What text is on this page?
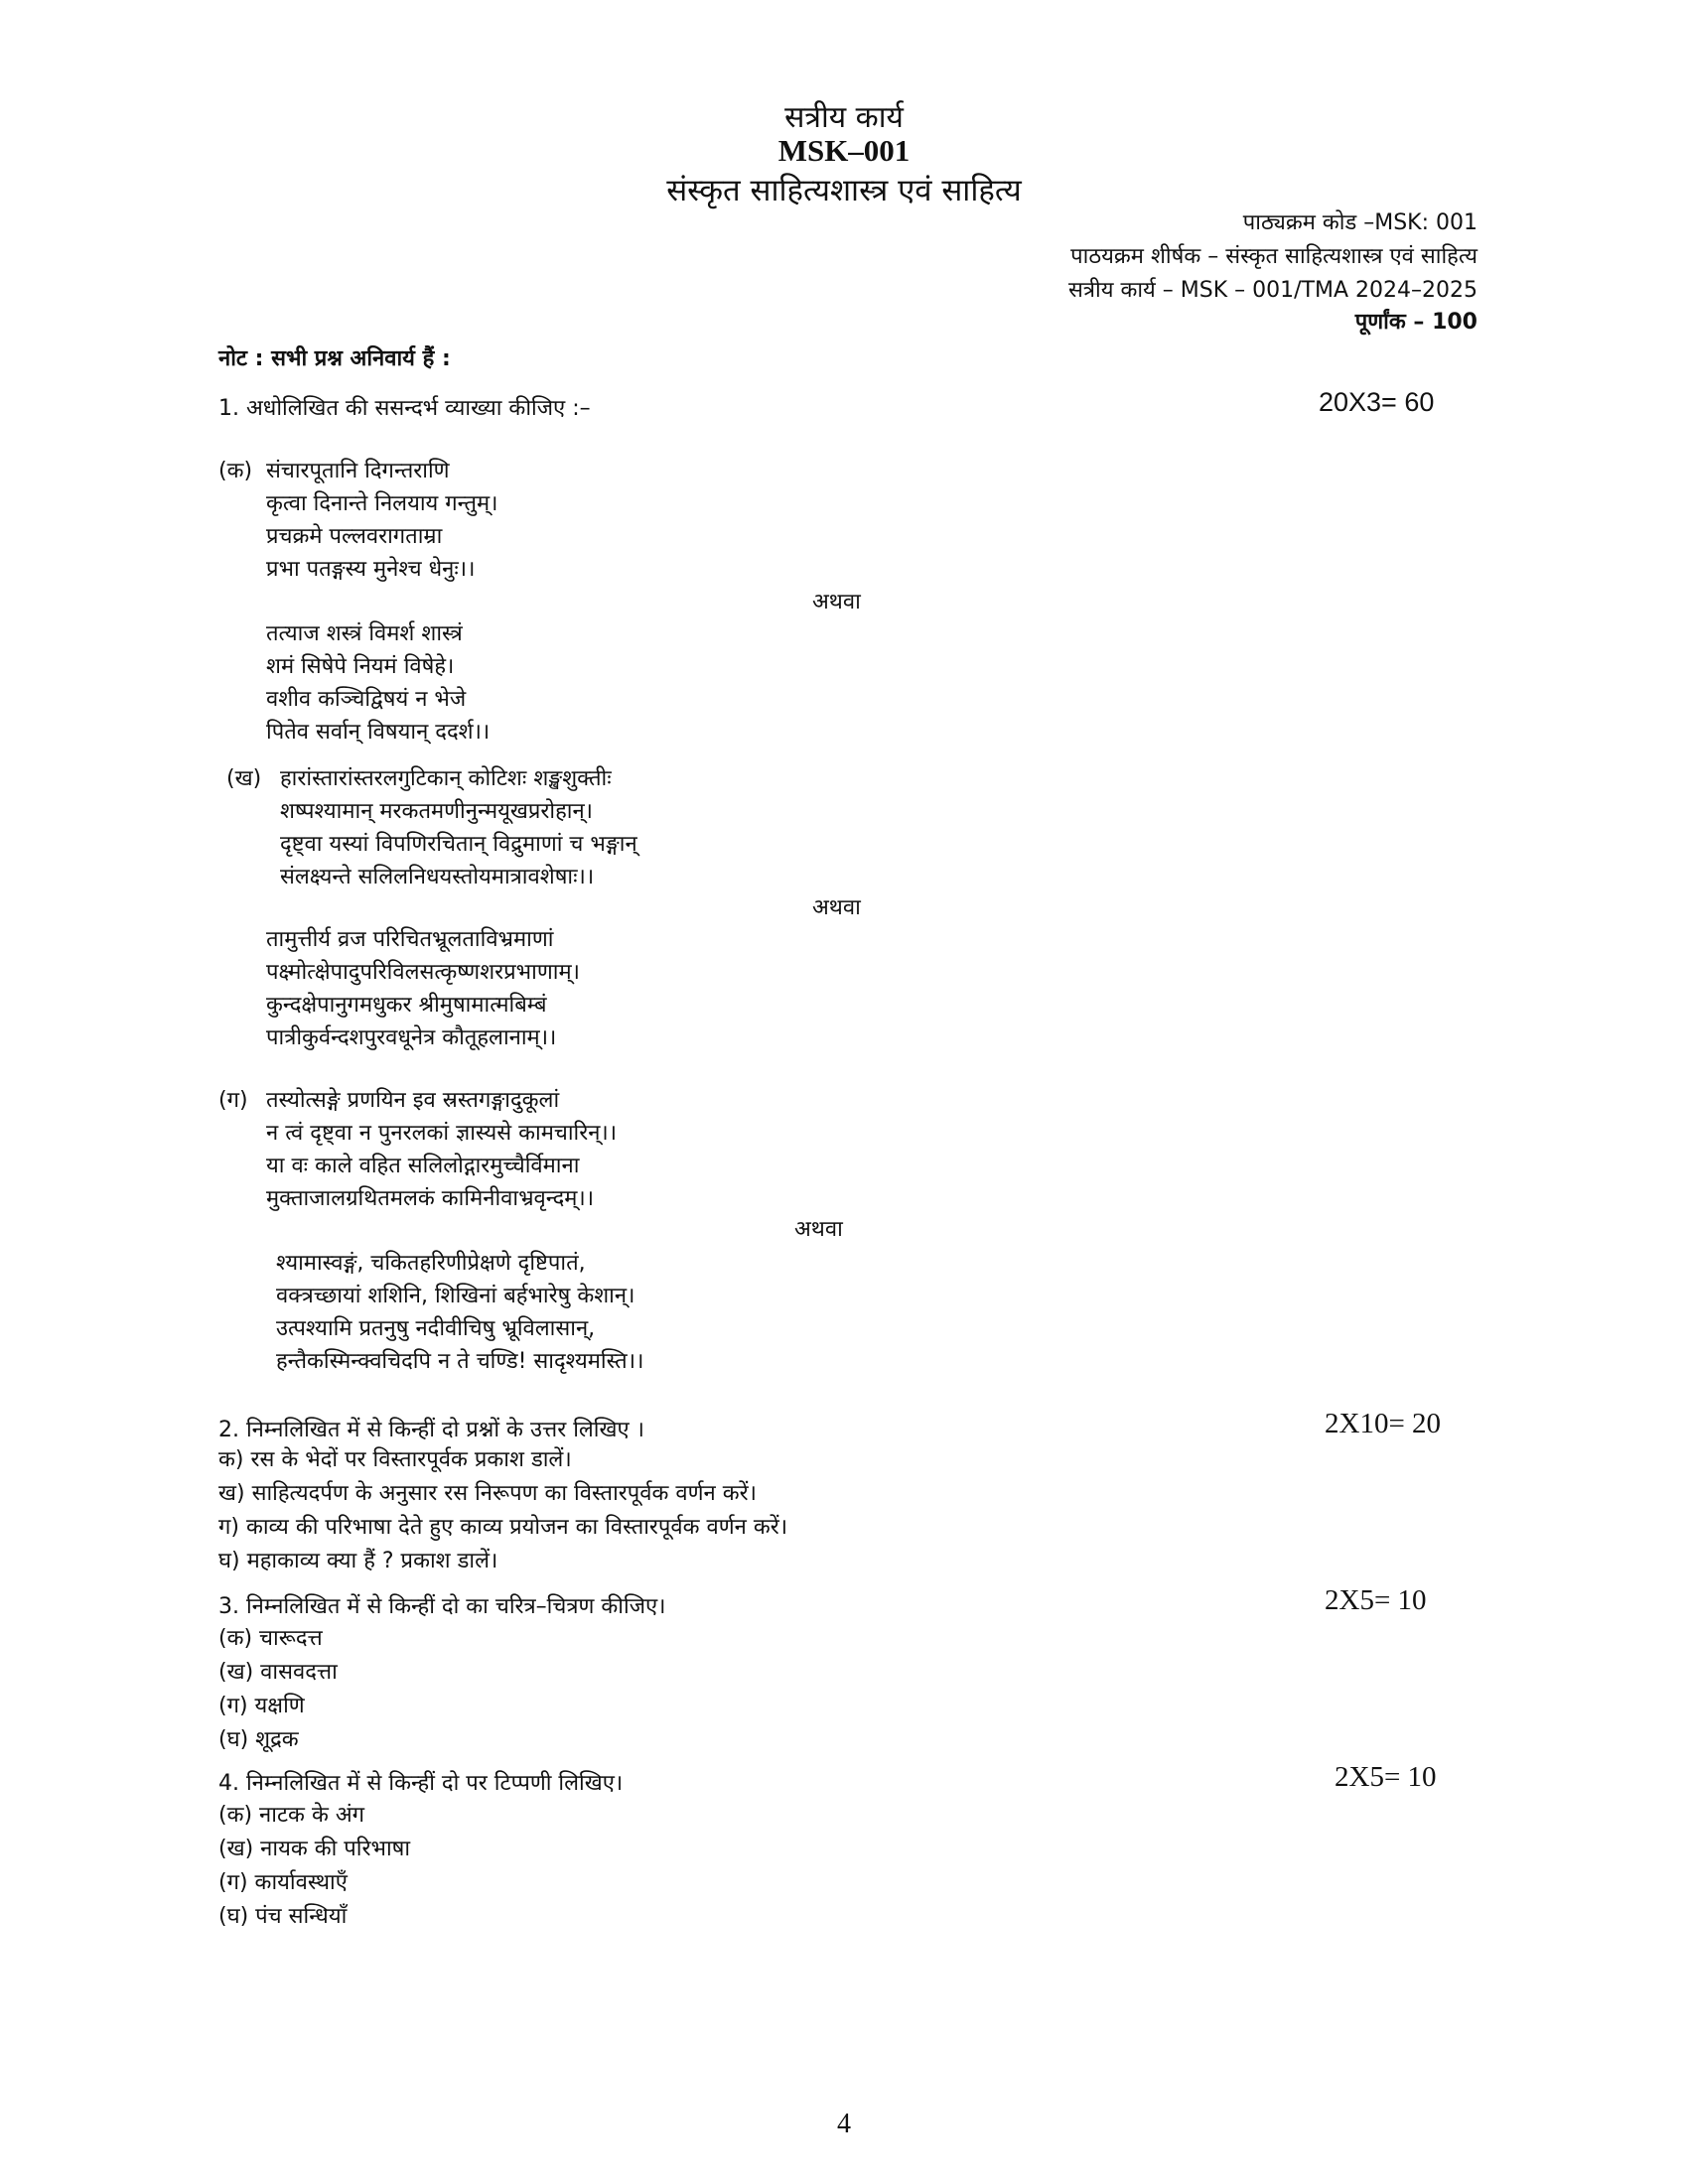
सत्रीय कार्य
MSK–001
संस्कृत साहित्यशास्त्र एवं साहित्य
पाठ्यक्रम कोड –MSK: 001
पाठयक्रम शीर्षक – संस्कृत साहित्यशास्त्र एवं साहित्य
सत्रीय कार्य – MSK – 001/TMA 2024–2025
पूर्णांक – 100
नोट : सभी प्रश्न अनिवार्य हैं :
1. अधोलिखित की ससन्दर्भ व्याख्या कीजिए :–	20X3= 60
(क) संचारपूतानि दिगन्तराणि
कृत्वा दिनान्ते निलयाय गन्तुम्।
प्रचक्रमे पल्लवरागताम्रा
प्रभा पतङ्गस्य मुनेश्च धेनुः।।
अथवा
तत्याज शस्त्रं विमर्श शास्त्रं
शमं सिषेपे नियमं विषेहे।
वशीव कञ्चिद्विषयं न भेजे
पितेव सर्वान् विषयान् ददर्श।।
(ख) हारांस्तारांस्तरलगुटिकान् कोटिशः शङ्खशुक्तीः
शष्पश्यामान् मरकतमणीनुन्मयूखप्ररोहान्।
दृष्ट्वा यस्यां विपणिरचितान् विद्रुमाणां च भङ्गान्
संलक्ष्यन्ते सलिलनिधयस्तोयमात्रावशेषाः।।
अथवा
तामुत्तीर्य व्रज परिचितभ्रूलताविभ्रमाणां
पक्ष्मोत्क्षेपादुपरिविलसत्कृष्णशरप्रभाणाम्।
कुन्दक्षेपानुगमधुकर श्रीमुषामात्मबिम्बं
पात्रीकुर्वन्दशपुरवधूनेत्र कौतूहलानाम्।।
(ग) तस्योत्सङ्गे प्रणयिन इव स्रस्तगङ्गादुकूलां
न त्वं दृष्ट्वा न पुनरलकां ज्ञास्यसे कामचारिन्।।
या वः काले वहित सलिलोद्गारमुच्चैर्विमाना
मुक्ताजालग्रथितमलकं कामिनीवाभ्रवृन्दम्।।
अथवा
श्यामास्वङ्गं, चकितहरिणीप्रेक्षणे दृष्टिपातं,
वक्त्रच्छायां शशिनि, शिखिनां बर्हभारेषु केशान्।
उत्पश्यामि प्रतनुषु नदीवीचिषु भ्रूविलासान्,
हन्तैकस्मिन्क्वचिदपि न ते चण्डि! सादृश्यमस्ति।।
2. निम्नलिखित में से किन्हीं दो प्रश्नों के उत्तर लिखिए ।	2X10= 20
क) रस के भेदों पर विस्तारपूर्वक प्रकाश डालें।
ख) साहित्यदर्पण के अनुसार रस निरूपण का विस्तारपूर्वक वर्णन करें।
ग) काव्य की परिभाषा देते हुए काव्य प्रयोजन का विस्तारपूर्वक वर्णन करें।
घ) महाकाव्य क्या हैं ? प्रकाश डालें।
3. निम्नलिखित में से किन्हीं दो का चरित्र–चित्रण कीजिए।	2X5= 10
(क) चारूदत्त
(ख) वासवदत्ता
(ग) यक्षणि
(घ) शूद्रक
4. निम्नलिखित में से किन्हीं दो पर टिप्पणी लिखिए।	2X5= 10
(क) नाटक के अंग
(ख) नायक की परिभाषा
(ग) कार्यावस्थाएँ
(घ) पंच सन्धियाँ
4
